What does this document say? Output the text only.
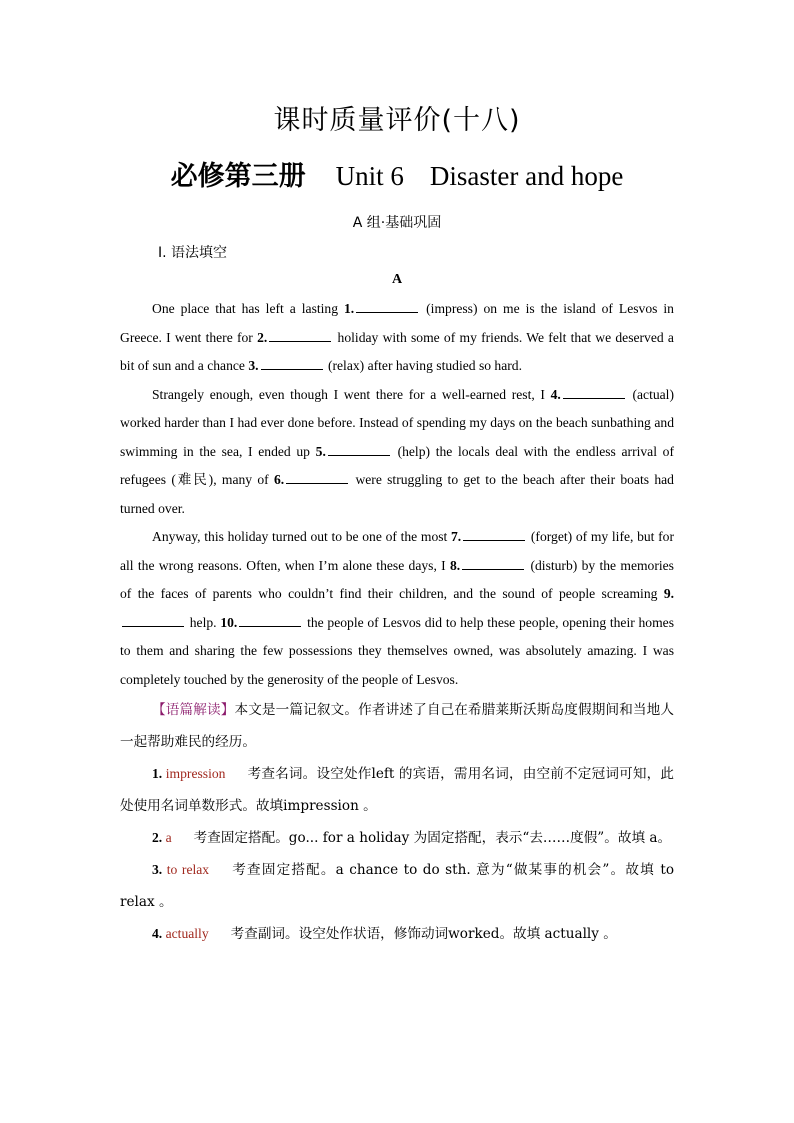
课时质量评价(十八)
必修第三册 Unit 6 Disaster and hope
A 组·基础巩固
Ⅰ. 语法填空
A

One place that has left a lasting 1.	(impress) on me is the island of Lesvos in Greece. I went there for 2.	holiday with some of my friends. We felt that we deserved a bit of sun and a chance 3.	(relax) after having studied so hard.

Strangely enough, even though I went there for a well-earned rest, I 4.	(actual) worked harder than I had ever done before. Instead of spending my days on the beach sunbathing and swimming in the sea, I ended up 5.	(help) the locals deal with the endless arrival of refugees (难民), many of 6.	were struggling to get to the beach after their boats had turned over.

Anyway, this holiday turned out to be one of the most 7.	(forget) of my life, but for all the wrong reasons. Often, when I’m alone these days, I 8.	(disturb) by the memories of the faces of parents who couldn’t find their children, and the sound of people screaming 9. help. 10.	the people of Lesvos did to help these people, opening their homes to them and sharing the few possessions they themselves owned, was absolutely amazing. I was completely touched by the generosity of the people of Lesvos.

【语篇解读】本文是一篇记叙文。作者讲述了自己在希腊莱斯沃斯岛度假期间和当地人一起帮助难民的经历。

1. impression 考查名词。设空处作left 的宾语，需用名词，由空前不定冠词可知，此处使用名词单数形式。故填impression 。

2. a 考查固定搭配。go... for a holiday 为固定搭配，表示“去……度假”。故填 a。

3. to relax 考查固定搭配。a chance to do sth. 意为“做某事的机会”。故填 to relax 。

4. actually 考查副词。设空处作状语，修饰动词worked。故填 actually 。
